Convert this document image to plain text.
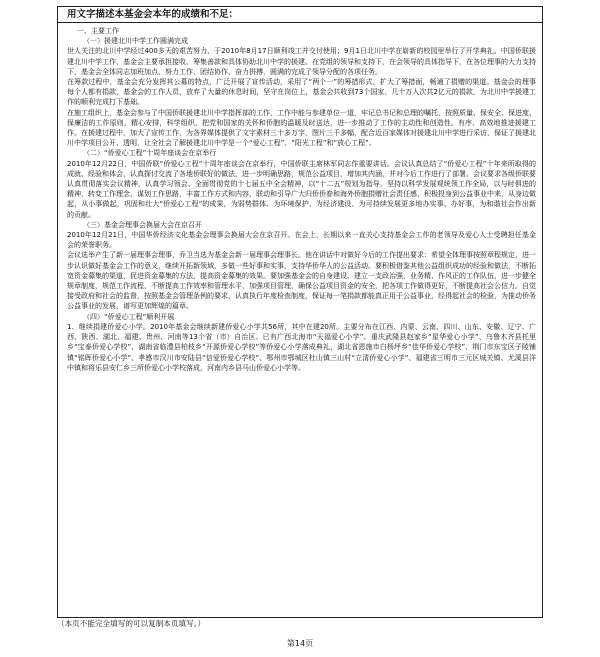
用文字描述本基金会本年的成绩和不足：

一、主要工作

（一）援建北川中学工作圆满完成

世人关注的北川中学经过400多天的艰苦努力，于2010年8月17日顺利竣工并交付使用；9月1日北川中学在崭新的校园里举行了开学典礼。中国侨联援建北川中学工作，基金会主要承担接收、筹集善款和具体协助北川中学的援建。在党组的领导和支持下，在会领导的具体指导下，在各位理事的大力支持下，基金会全体同志加班加点、努力工作，团结协作，奋力拼搏，圆满的完成了领导分配的各项任务。

在筹款过程中，基金会充分发挥其公募的特点，广泛开展了宣传活动，采用了“两个一”的筹措形式，扩大了筹措面，畅通了捐赠的渠道。基金会的理事每个人都有捐款，基金会的工作人员，放弃了大量的休息时间，坚守在岗位上，基金会共收到73个国家、几十万人次共2亿元的捐款，为北川中学援建工作的顺利完成打下基础。

在施工组织上，基金会参与了中国侨联援建北川中学指挥部的工作，工作中能与参建单位一道，牢记总书记和总理的嘱托，按照质量、保安全、保进度、保廉洁的工作原则，精心安排，科学组织，把党和国家的关怀和侨胞的温暖及时送达，进一步推动了工作的主动性和创造性。有序、高效地推进援建工作。在援建过程中，加大了宣传工作，为各界媒体提供了文字素材三十多万字，图片三千多幅，配合近百家媒体对援建北川中学进行采访，保证了援建北川中学项目公开、透明，让全社会了解援建北川中学是一个“爱心工程”、“阳光工程”和“放心工程”。

（二）“侨爱心工程”十周年座谈会在京举行

2010年12月22日，中国侨联“侨爱心工程”十周年座谈会在京举行，中国侨联主席林军同志作重要讲话。会议认真总结了“侨爱心工程”十年来所取得的成就、经验和体会，认真探讨交流了各地侨联好的做法，进一步明确思路，规范公益项目，增加其内涵，并对今后工作进行了部署。会议要求各级侨联要认真贯彻落实会议精神，认真学习领会、全面贯彻党的十七届五中全会精神，以“十二五”规划为指导，坚持以科学发展观统领工作全局，以与时俱进的精神，转变工作理念，谋划工作思路，丰富工作方式和内容，联动和引导广大归侨侨眷和海外侨胞捐赠社会责任感，积极投身到公益事业中来，从身边做起，从小事做起，巩固和壮大“侨爱心工程”的成果，为弱势群体、为环境保护、为经济建设、为可持续发展更多地办实事、办好事，为和谐社会作出新的贡献。

（三）基金会理事会换届大会在京召开

2010年12月21日，中国华侨经济文化基金会理事会换届大会在京召开。在会上，长期以来一直关心支持基金会工作的老领导及爱心人士受聘担任基金会的荣誉职务。

会议选举产生了新一届理事会理事，乔卫当选为基金会新一届理事会理事长。他在讲话中对做好今后的工作提出要求：希望全体理事按照章程规定，进一步认识做好基金会工作的意义，继续开拓新领域，多做一些好事和实事，支持华侨华人的公益活动。要积极借鉴其他公益组织成功的经验和做法，不断拓宽资金募集的渠道，促进资金募集的方法，提高资金募集的效果。要加强基金会的自身建设，建立一支政治强、业务精、作风正的工作队伍，进一步健全规章制度，规范工作流程，不断提高工作效率和管理水平，加强项目管理，确保公益项目资金的安全，把各项工作做得更好，不断提高社会公信力。自觉接受政府和社会的监督，按照基金会管理条例的要求，认真执行年度检查制度，保证每一笔捐款都能真正用于公益事业，经得起社会的检验，为推动侨务公益事业的发展，谱写更加辉煌的篇章。

（四）“侨爱心工程”顺利开展

1、继续捐建侨爱心小学。2010年基金会继续新建侨爱心小学共56所，其中在建20所。主要分布在江西、内蒙、云南、四川、山东、安徽、辽宁、广西、陕西、湖北、福建、贵州、河南等13个省（市）自治区。已有广西北海市“天福爱心小学”、重庆武隆县赵家乡“星华爱心小学”、乌鲁木齐县托里乡“宝泰侨爱心学校”、湖南省临澧县柏枝乡“开源侨爱心学校”等侨爱心小学落成典礼，湖北省恩施市白杨坪乡“佳华侨爱心学校”、荆门市东宝区子陵铺镇“铭晖侨爱心小学”、孝感市汉川市安陆县“信爱侨爱心学校”、鄂州市鄂城区杜山镇三山村“立清侨爱心小学”、福建省三明市三元区城关镇、尤溪县洋中镇和将乐县安仁乡三所侨爱心小学校落成，河南内乡县马山侨爱心小学等。

（本页不能完全填写的可以复制本页填写。）
第14页
